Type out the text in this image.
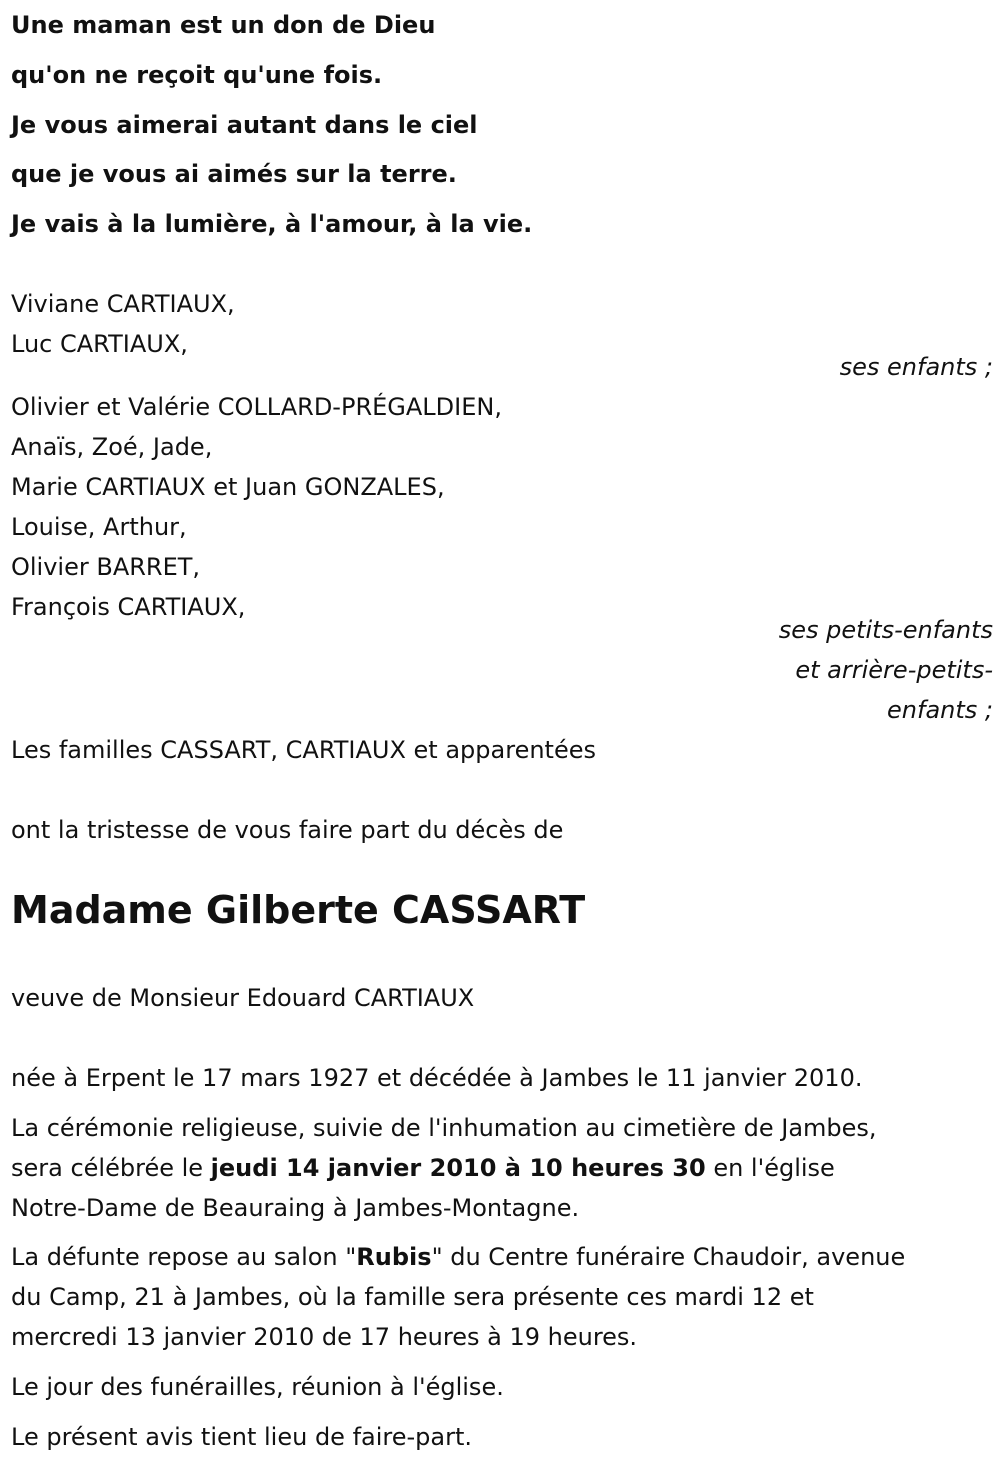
Une maman est un don de Dieu
qu'on ne reçoit qu'une fois.
Je vous aimerai autant dans le ciel
que je vous ai aimés sur la terre.
Je vais à la lumière, à l'amour, à la vie.
Viviane CARTIAUX,
Luc CARTIAUX,
ses enfants ;
Olivier et Valérie COLLARD-PRÉGALDIEN,
Anaïs, Zoé, Jade,
Marie CARTIAUX et Juan GONZALES,
Louise, Arthur,
Olivier BARRET,
François CARTIAUX,
ses petits-enfants
et arrière-petits-
enfants ;
Les familles CASSART, CARTIAUX et apparentées
ont la tristesse de vous faire part du décès de
Madame Gilberte CASSART
veuve de Monsieur Edouard CARTIAUX
née à Erpent le 17 mars 1927 et décédée à Jambes le 11 janvier 2010.
La cérémonie religieuse, suivie de l'inhumation au cimetière de Jambes,
sera célébrée le jeudi 14 janvier 2010 à 10 heures 30 en l'église
Notre-Dame de Beauraing à Jambes-Montagne.
La défunte repose au salon "Rubis" du Centre funéraire Chaudoir, avenue
du Camp, 21 à Jambes, où la famille sera présente ces mardi 12 et
mercredi 13 janvier 2010 de 17 heures à 19 heures.
Le jour des funérailles, réunion à l'église.
Le présent avis tient lieu de faire-part.
